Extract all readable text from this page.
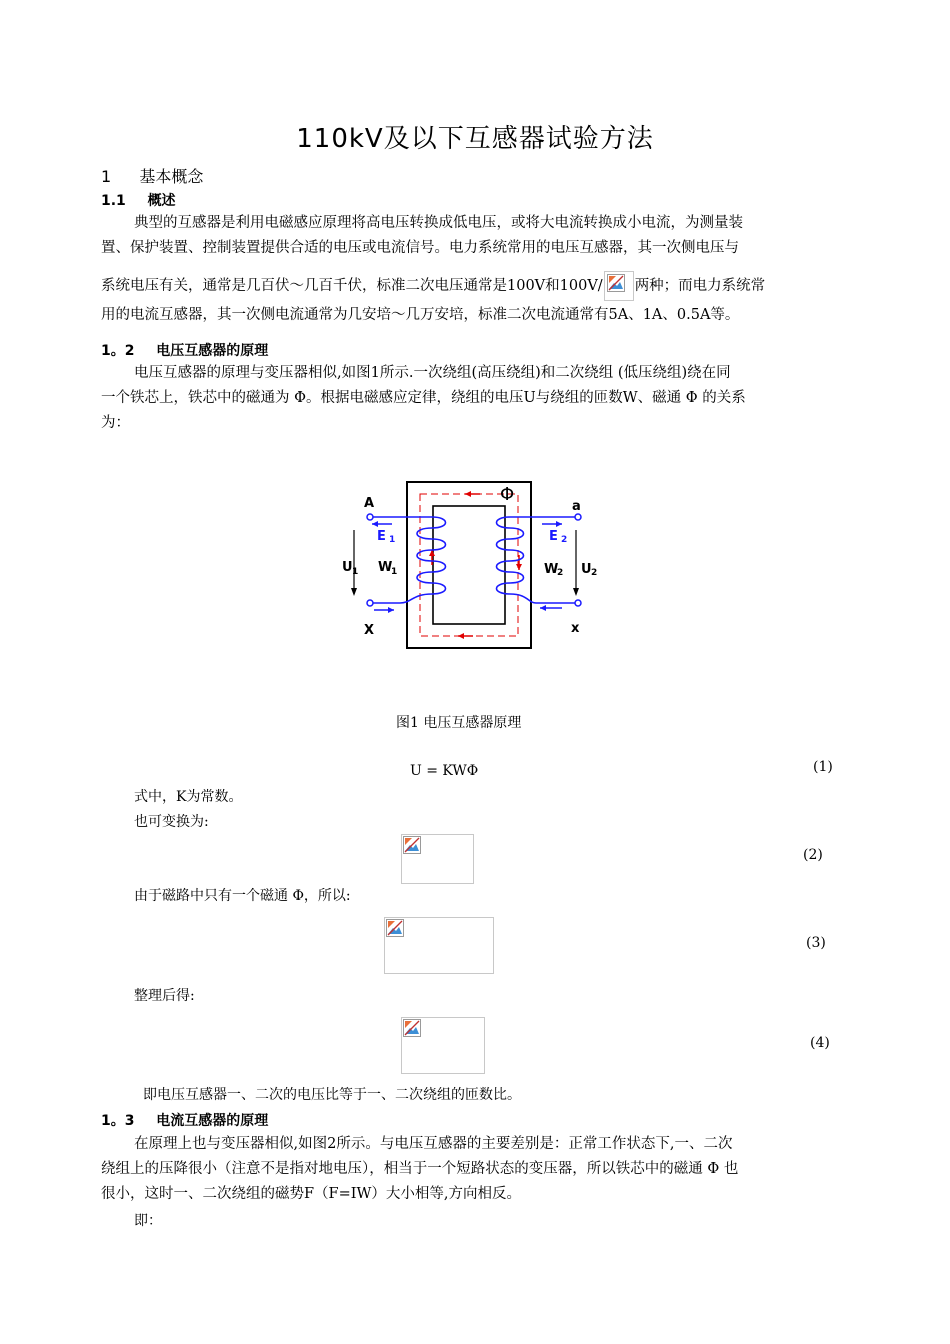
110kV及以下互感器试验方法
1 基本概念
1.1 概述
典型的互感器是利用电磁感应原理将高电压转换成低电压，或将大电流转换成小电流，为测量装
置、保护装置、控制装置提供合适的电压或电流信号。电力系统常用的电压互感器，其一次侧电压与
系统电压有关，通常是几百伏～几百千伏，标准二次电压通常是100V和100V/ 两种；而电力系统常
用的电流互感器，其一次侧电流通常为几安培～几万安培，标准二次电流通常有5A、1A、0.5A等。
1。2 电压互感器的原理
电压互感器的原理与变压器相似,如图1所示.一次绕组(高压绕组)和二次绕组 (低压绕组)绕在同
一个铁芯上，铁芯中的磁通为 Φ。根据电磁感应定律，绕组的电压U与绕组的匝数W、磁通 Φ 的关系
为：
A
X
a
x
Φ
E 1	E 2
W
1	W
2
U 1	U 2
图1 电压互感器原理
U = KWΦ	(1)
式中，K为常数。
也可变换为:
(2)
由于磁路中只有一个磁通 Φ，所以:
(3)
整理后得:
(4)
即电压互感器一、二次的电压比等于一、二次绕组的匝数比。
1。3 电流互感器的原理
在原理上也与变压器相似,如图2所示。与电压互感器的主要差别是：正常工作状态下,一、二次
绕组上的压降很小（注意不是指对地电压），相当于一个短路状态的变压器，所以铁芯中的磁通 Φ 也
很小，这时一、二次绕组的磁势F（F=IW）大小相等,方向相反。
即：
